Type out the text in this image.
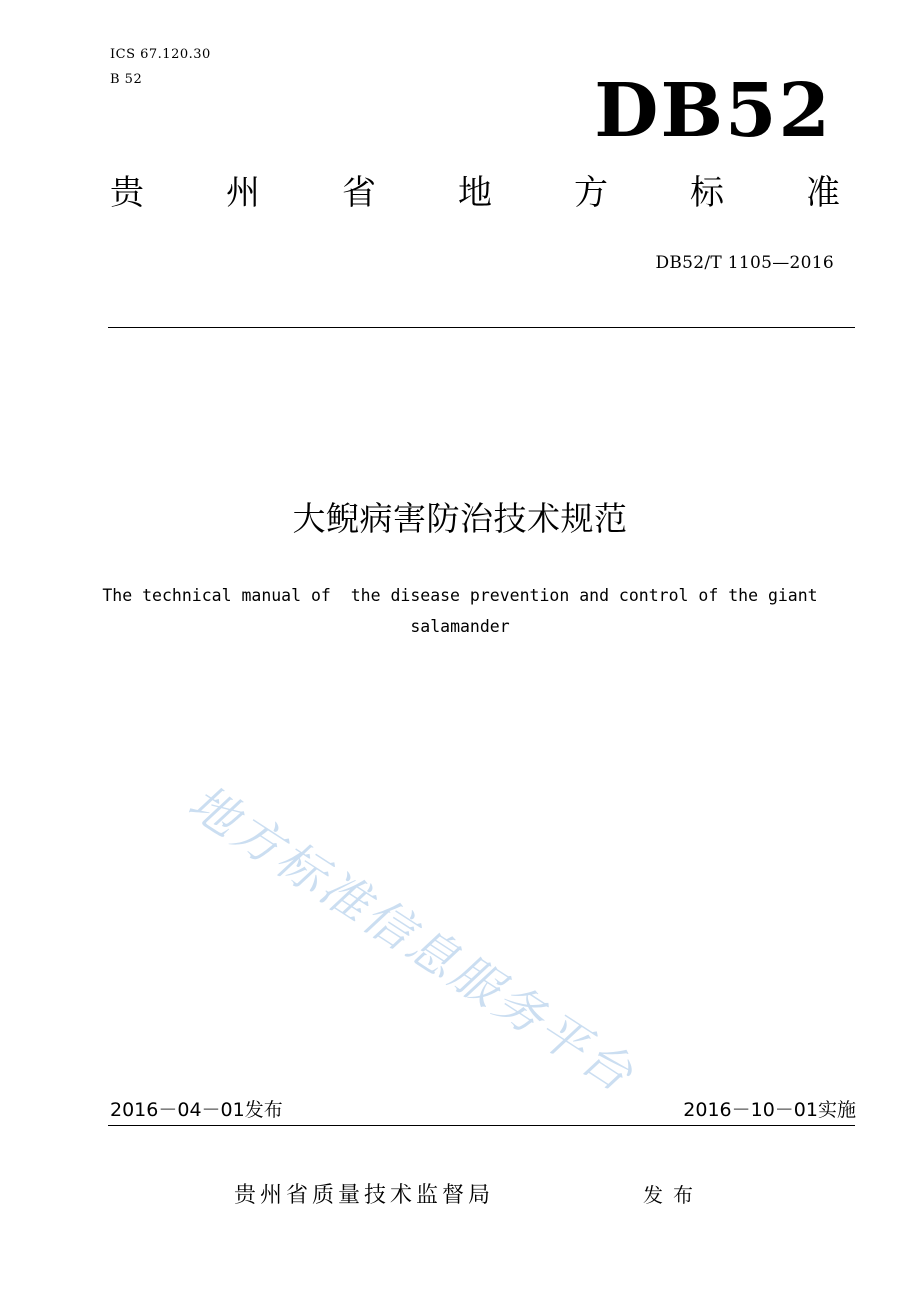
ICS 67.120.30
B 52	DB52
贵 州 省 地 方 标 准
DB52/T 1105—2016
大鲵病害防治技术规范
The technical manual of  the disease prevention and control of the giant
salamander
地方标准信息服务平台
2016－04－01发布	2016－10－01实施
贵州省质量技术监督局	发布
